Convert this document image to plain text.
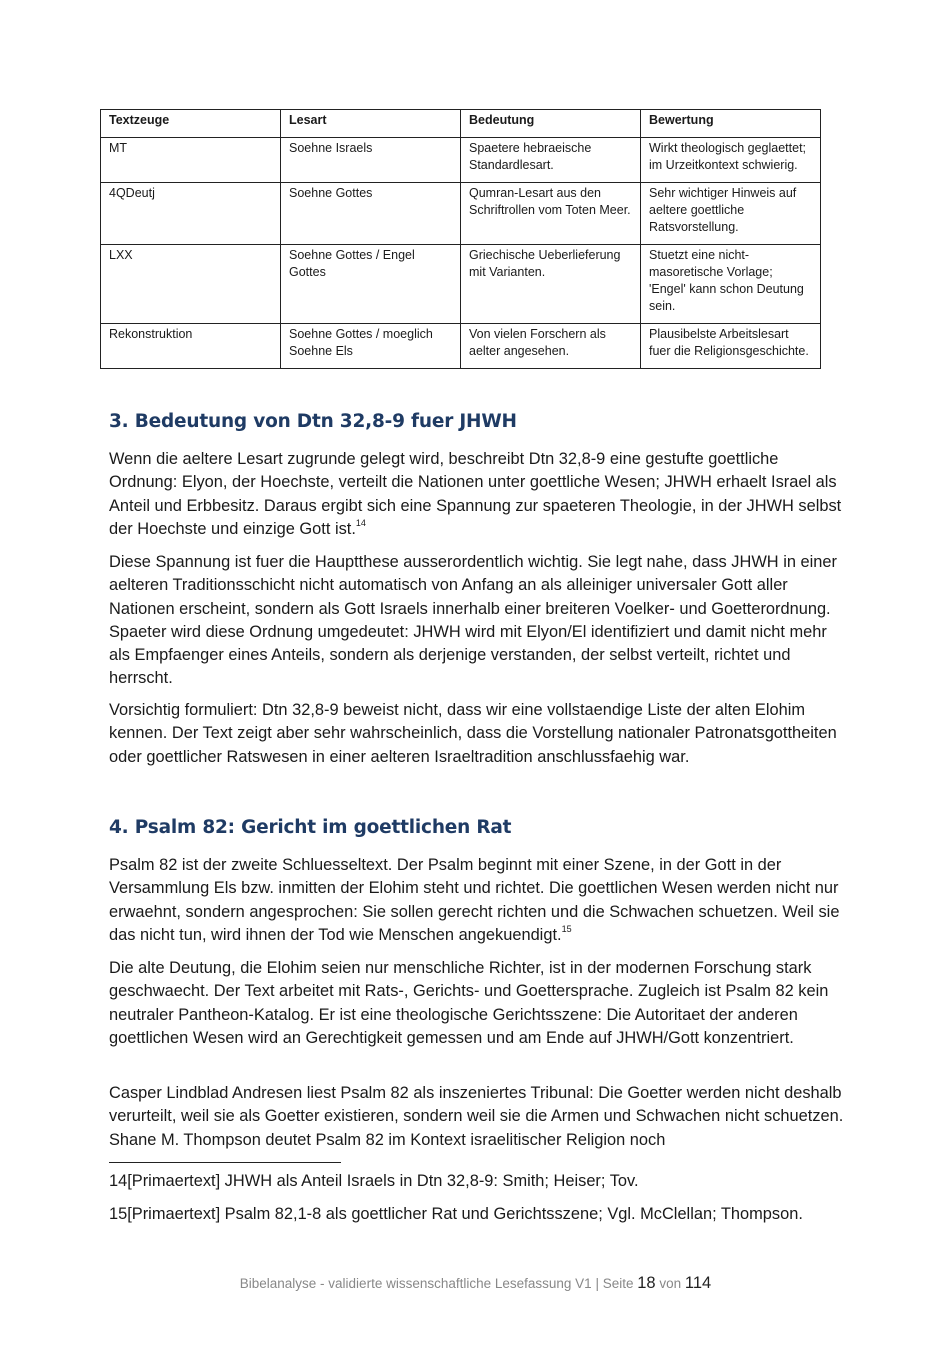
Textzeuge	Lesart	Bedeutung	Bewertung
MT	Soehne Israels	Spaetere hebraeische Standardlesart.	Wirkt theologisch geglaettet; im Urzeitkontext schwierig.
4QDeutj	Soehne Gottes	Qumran-Lesart aus den Schriftrollen vom Toten Meer.	Sehr wichtiger Hinweis auf aeltere goettliche Ratsvorstellung.
LXX	Soehne Gottes / Engel Gottes	Griechische Ueberlieferung mit Varianten.	Stuetzt eine nicht-masoretische Vorlage; 'Engel' kann schon Deutung sein.
Rekonstruktion	Soehne Gottes / moeglich Soehne Els	Von vielen Forschern als aelter angesehen.	Plausibelste Arbeitslesart fuer die Religionsgeschichte.
3. Bedeutung von Dtn 32,8-9 fuer JHWH

Wenn die aeltere Lesart zugrunde gelegt wird, beschreibt Dtn 32,8-9 eine gestufte goettliche Ordnung: Elyon, der Hoechste, verteilt die Nationen unter goettliche Wesen; JHWH erhaelt Israel als Anteil und Erbbesitz. Daraus ergibt sich eine Spannung zur spaeteren Theologie, in der JHWH selbst der Hoechste und einzige Gott ist.$^{14}$

Diese Spannung ist fuer die Hauptthese ausserordentlich wichtig. Sie legt nahe, dass JHWH in einer aelteren Traditionsschicht nicht automatisch von Anfang an als alleiniger universaler Gott aller Nationen erscheint, sondern als Gott Israels innerhalb einer breiteren Voelker- und Goetterordnung. Spaeter wird diese Ordnung umgedeutet: JHWH wird mit Elyon/El identifiziert und damit nicht mehr als Empfaenger eines Anteils, sondern als derjenige verstanden, der selbst verteilt, richtet und herrscht.

Vorsichtig formuliert: Dtn 32,8-9 beweist nicht, dass wir eine vollstaendige Liste der alten Elohim kennen. Der Text zeigt aber sehr wahrscheinlich, dass die Vorstellung nationaler Patronatsgottheiten oder goettlicher Ratswesen in einer aelteren Israeltradition anschlussfaehig war.

4. Psalm 82: Gericht im goettlichen Rat

Psalm 82 ist der zweite Schluesseltext. Der Psalm beginnt mit einer Szene, in der Gott in der Versammlung Els bzw. inmitten der Elohim steht und richtet. Die goettlichen Wesen werden nicht nur erwaehnt, sondern angesprochen: Sie sollen gerecht richten und die Schwachen schuetzen. Weil sie das nicht tun, wird ihnen der Tod wie Menschen angekuendigt.$^{15}$

Die alte Deutung, die Elohim seien nur menschliche Richter, ist in der modernen Forschung stark geschwaecht. Der Text arbeitet mit Rats-, Gerichts- und Goettersprache. Zugleich ist Psalm 82 kein neutraler Pantheon-Katalog. Er ist eine theologische Gerichtsszene: Die Autoritaet der anderen goettlichen Wesen wird an Gerechtigkeit gemessen und am Ende auf JHWH/Gott konzentriert.

Casper Lindblad Andresen liest Psalm 82 als inszeniertes Tribunal: Die Goetter werden nicht deshalb verurteilt, weil sie als Goetter existieren, sondern weil sie die Armen und Schwachen nicht schuetzen. Shane M. Thompson deutet Psalm 82 im Kontext israelitischer Religion noch

14[Primaertext] JHWH als Anteil Israels in Dtn 32,8-9: Smith; Heiser; Tov.

15[Primaertext] Psalm 82,1-8 als goettlicher Rat und Gerichtsszene; Vgl. McClellan; Thompson.

Bibelanalyse - validierte wissenschaftliche Lesefassung V1 | Seite 18 von 114
